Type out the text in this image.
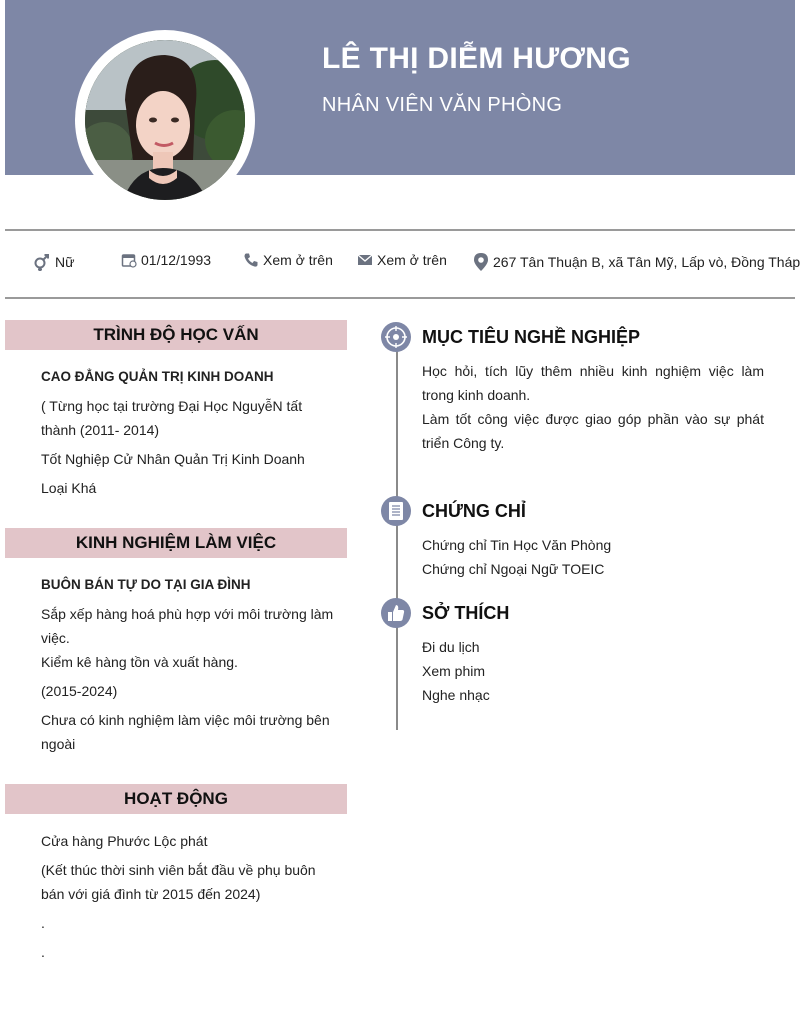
LÊ THỊ DIỄM HƯƠNG
NHÂN VIÊN VĂN PHÒNG
Nữ	01/12/1993	Xem ở trên	Xem ở trên	267 Tân Thuận B, xã Tân Mỹ, Lấp vò, Đồng Tháp
TRÌNH ĐỘ HỌC VẤN
CAO ĐẲNG QUẢN TRỊ KINH DOANH
( Từng học tại trường Đại Học NguyễN tất thành (2011- 2014)
Tốt Nghiệp Cử Nhân Quản Trị Kinh Doanh
Loại Khá
KINH NGHIỆM LÀM VIỆC
BUÔN BÁN TỰ DO TẠI GIA ĐÌNH
Sắp xếp hàng hoá phù hợp với môi trường làm việc.
Kiểm kê hàng tồn và xuất hàng.
(2015-2024)
Chưa có kinh nghiệm làm việc môi trường bên ngoài
HOẠT ĐỘNG
Cửa hàng Phước Lộc phát
(Kết thúc thời sinh viên bắt đầu về phụ buôn bán với giá đình từ 2015 đến 2024)
.
.
MỤC TIÊU NGHỀ NGHIỆP
Học hỏi, tích lũy thêm nhiều kinh nghiệm việc làm trong kinh doanh.
Làm tốt công việc được giao góp phần vào sự phát triển Công ty.
CHỨNG CHỈ
Chứng chỉ Tin Học Văn Phòng
Chứng chỉ Ngoại Ngữ TOEIC
SỞ THÍCH
Đi du lịch
Xem phim
Nghe nhạc
